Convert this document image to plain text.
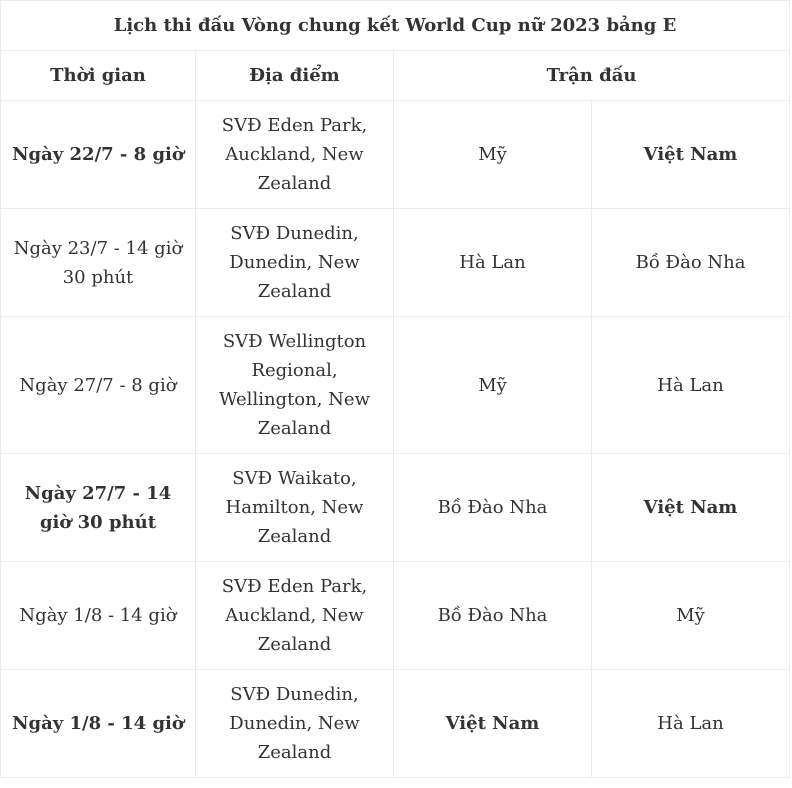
Lịch thi đấu Vòng chung kết World Cup nữ 2023 bảng E			
Thời gian	Địa điểm	Trận đấu	
Ngày 22/7 - 8 giờ	SVĐ Eden Park, Auckland, New Zealand	Mỹ	Việt Nam
Ngày 23/7 - 14 giờ 30 phút	SVĐ Dunedin, Dunedin, New Zealand	Hà Lan	Bồ Đào Nha
Ngày 27/7 - 8 giờ	SVĐ Wellington Regional, Wellington, New Zealand	Mỹ	Hà Lan
Ngày 27/7 - 14 giờ 30 phút	SVĐ Waikato, Hamilton, New Zealand	Bồ Đào Nha	Việt Nam
Ngày 1/8 - 14 giờ	SVĐ Eden Park, Auckland, New Zealand	Bồ Đào Nha	Mỹ
Ngày 1/8 - 14 giờ	SVĐ Dunedin, Dunedin, New Zealand	Việt Nam	Hà Lan
